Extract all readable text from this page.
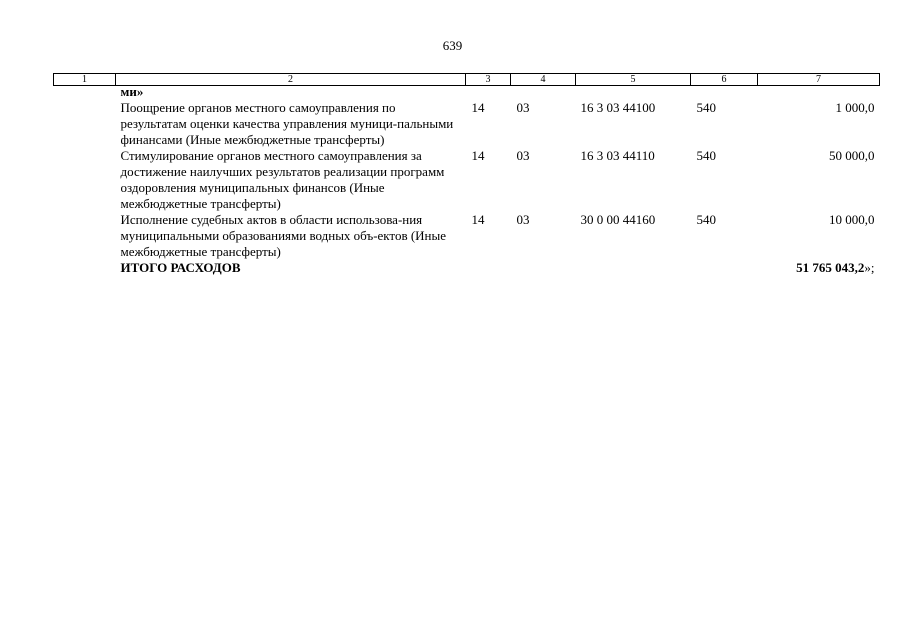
639
1	2	3	4	5	6	7
	ми»					
	Поощрение органов местного самоуправления по результатам оценки качества управления муници-пальными финансами (Иные межбюджетные трансферты)	14	03	16 3 03 44100	540	1 000,0
	Стимулирование органов местного самоуправления за достижение наилучших результатов реализации программ оздоровления муниципальных финансов (Иные межбюджетные трансферты)	14	03	16 3 03 44110	540	50 000,0
	Исполнение судебных актов в области использова-ния муниципальными образованиями водных объ-ектов (Иные межбюджетные трансферты)	14	03	30 0 00 44160	540	10 000,0
	ИТОГО РАСХОДОВ					51 765 043,2»;
